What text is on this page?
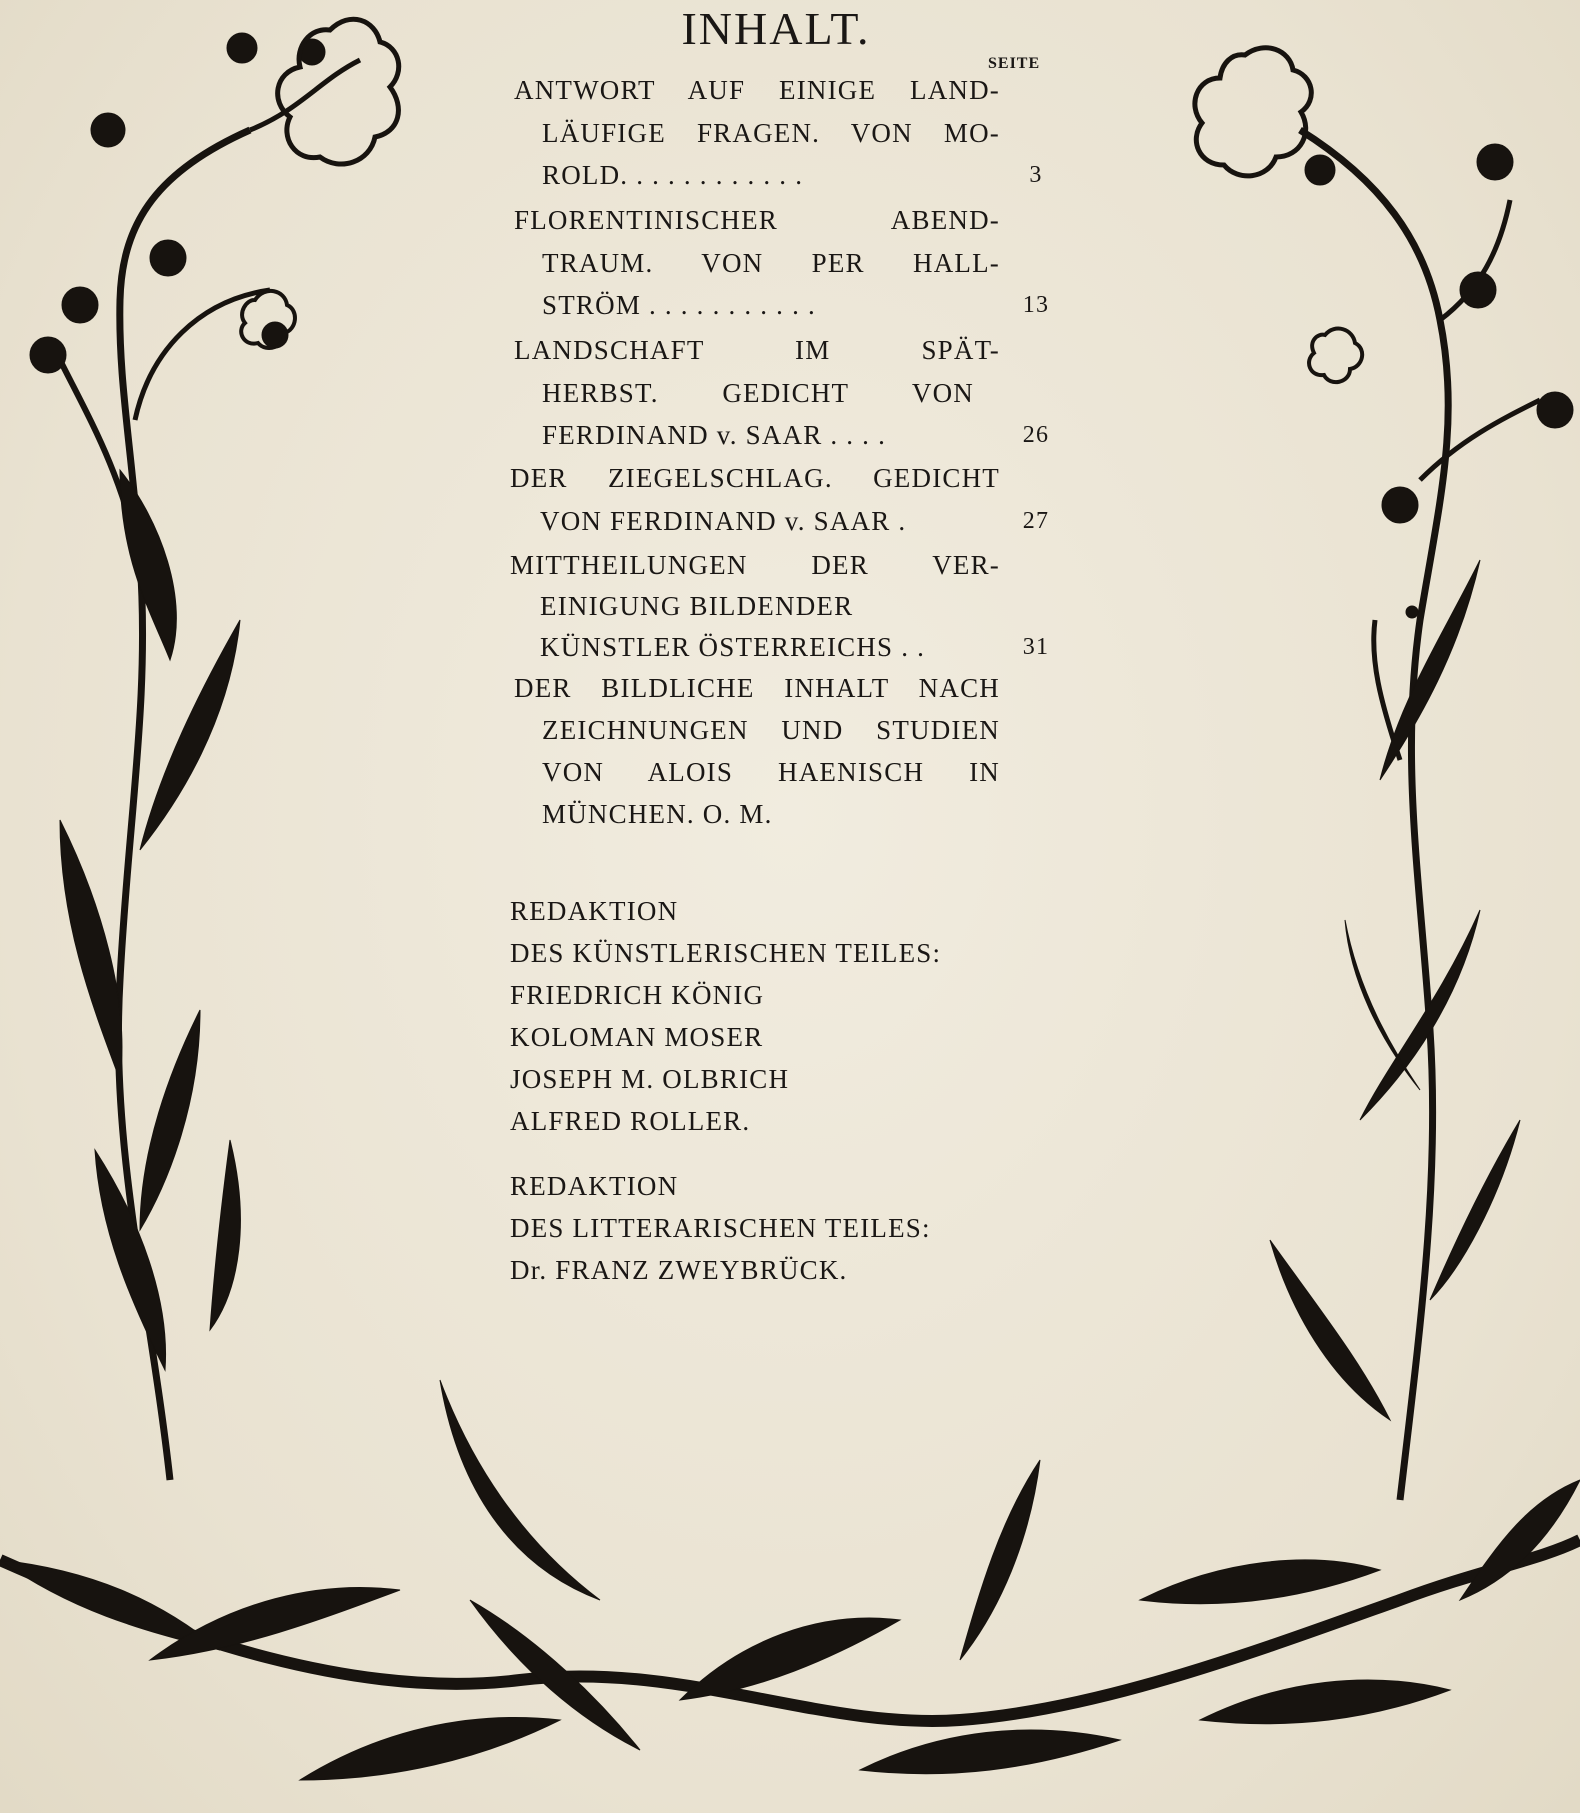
INHALT.
SEITE
ANTWORT AUF EINIGE LAND-
LÄUFIGE FRAGEN. VON MO-
ROLD. . . . . . . . . . . .	3
FLORENTINISCHER ABEND-
TRAUM. VON PER HALL-
STRÖM . . . . . . . . . . .	13
LANDSCHAFT IM SPÄT-
HERBST. GEDICHT VON
FERDINAND v. SAAR . . . .	26
DER ZIEGELSCHLAG. GEDICHT
VON FERDINAND v. SAAR .	27
MITTHEILUNGEN DER VER-
EINIGUNG BILDENDER
KÜNSTLER ÖSTERREICHS . .	31
DER BILDLICHE INHALT NACH
ZEICHNUNGEN UND STUDIEN
VON ALOIS HAENISCH IN
MÜNCHEN. O. M.
REDAKTION
DES KÜNSTLERISCHEN TEILES:
FRIEDRICH KÖNIG
KOLOMAN MOSER
JOSEPH M. OLBRICH
ALFRED ROLLER.
REDAKTION
DES LITTERARISCHEN TEILES:
Dr. FRANZ ZWEYBRÜCK.
